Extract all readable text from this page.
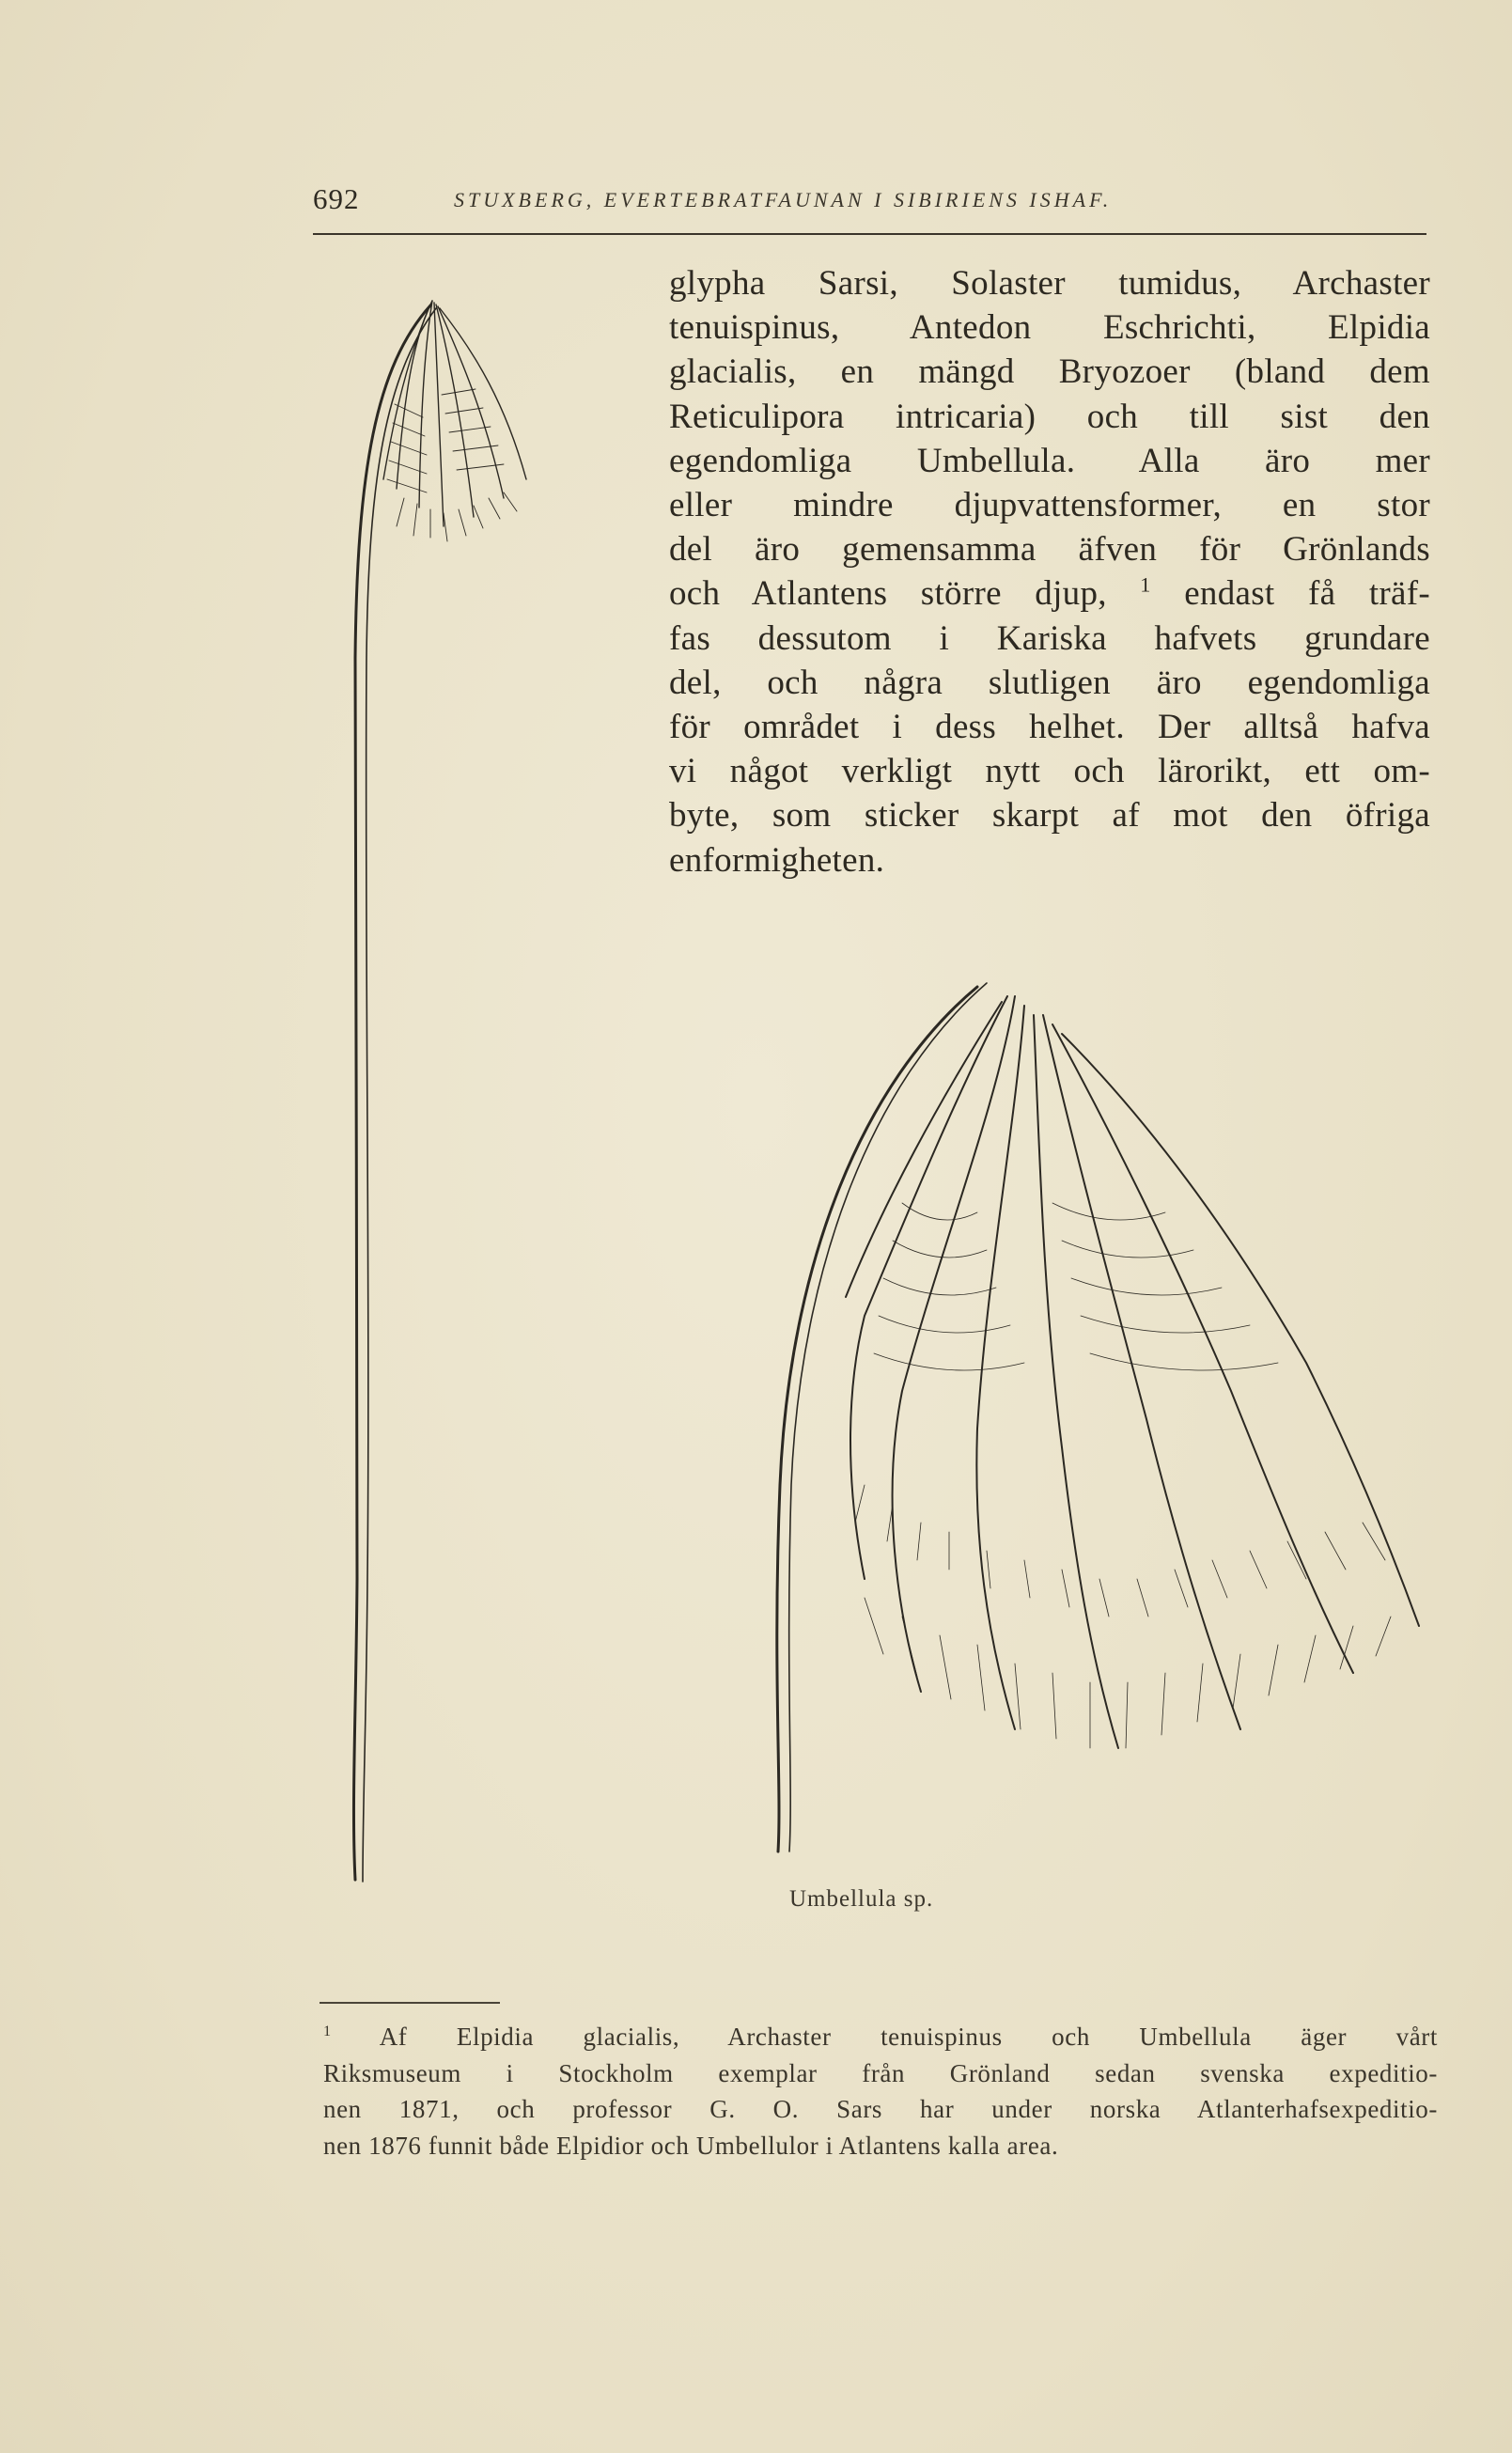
692	STUXBERG, EVERTEBRATFAUNAN I SIBIRIENS ISHAF.
glypha Sarsi, Solaster tumidus, Archaster
tenuispinus, Antedon Eschrichti, Elpidia
glacialis, en mängd Bryozoer (bland dem
Reticulipora intricaria) och till sist den
egendomliga Umbellula. Alla äro mer
eller mindre djupvattensformer, en stor
del äro gemensamma äfven för Grönlands
och Atlantens större djup, $^1$ endast få träf-
fas dessutom i Kariska hafvets grundare
del, och några slutligen äro egendomliga
för området i dess helhet. Der alltså hafva
vi något verkligt nytt och lärorikt, ett om-
byte, som sticker skarpt af mot den öfriga
enformigheten.
Umbellula sp.
$^1$ Af Elpidia glacialis, Archaster tenuispinus och Umbellula äger vårt
Riksmuseum i Stockholm exemplar från Grönland sedan svenska expeditio-
nen 1871, och professor G. O. Sars har under norska Atlanterhafsexpeditio-
nen 1876 funnit både Elpidior och Umbellulor i Atlantens kalla area.
